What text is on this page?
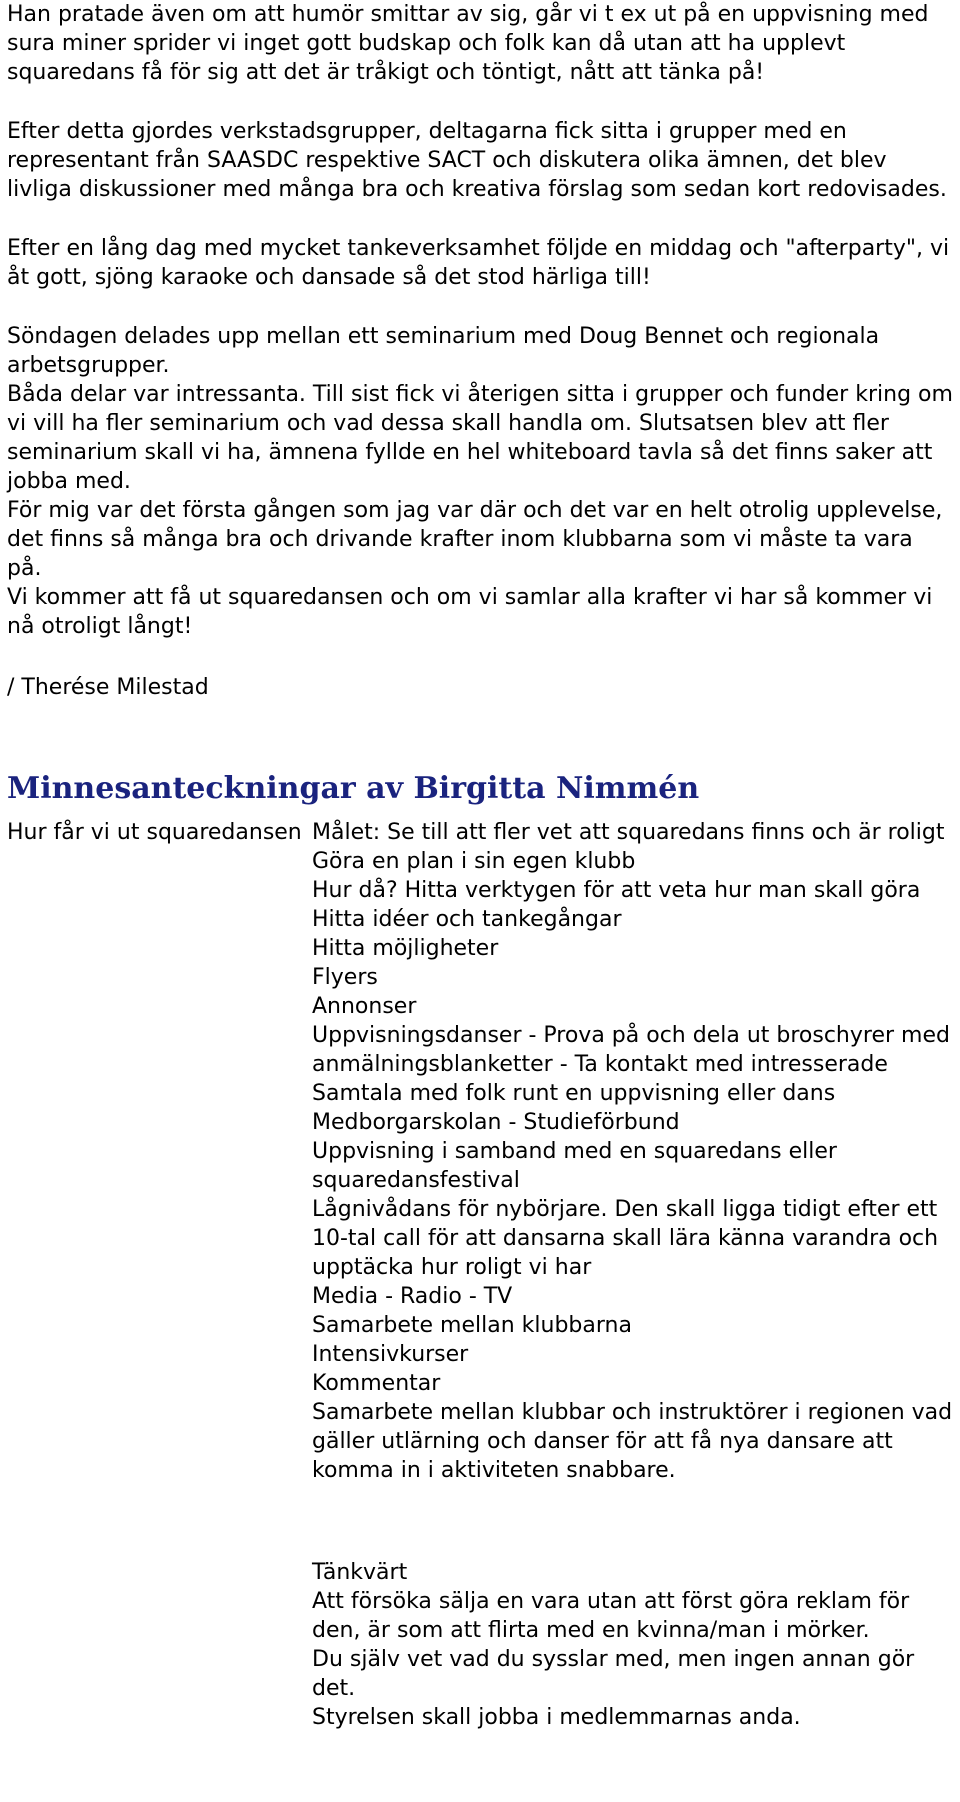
Han pratade även om att humör smittar av sig, går vi t ex ut på en uppvisning med sura miner sprider vi inget gott budskap och folk kan då utan att ha upplevt squaredans få för sig att det är tråkigt och töntigt, nått att tänka på!

Efter detta gjordes verkstadsgrupper, deltagarna fick sitta i grupper med en representant från SAASDC respektive SACT och diskutera olika ämnen, det blev livliga diskussioner med många bra och kreativa förslag som sedan kort redovisades.

Efter en lång dag med mycket tankeverksamhet följde en middag och "afterparty", vi åt gott, sjöng karaoke och dansade så det stod härliga till!

Söndagen delades upp mellan ett seminarium med Doug Bennet och regionala arbetsgrupper.
Båda delar var intressanta. Till sist fick vi återigen sitta i grupper och funder kring om vi vill ha fler seminarium och vad dessa skall handla om. Slutsatsen blev att fler seminarium skall vi ha, ämnena fyllde en hel whiteboard tavla så det finns saker att jobba med.
För mig var det första gången som jag var där och det var en helt otrolig upplevelse, det finns så många bra och drivande krafter inom klubbarna som vi måste ta vara på.
Vi kommer att få ut squaredansen och om vi samlar alla krafter vi har så kommer vi nå otroligt långt!

/ Therése Milestad

Minnesanteckningar av Birgitta Nimmén
Hur får vi ut squaredansen Målet: Se till att fler vet att squaredans finns och är roligt

Göra en plan i sin egen klubb

Hur då? Hitta verktygen för att veta hur man skall göra

Hitta idéer och tankegångar

Hitta möjligheter

Flyers

Annonser

Uppvisningsdanser - Prova på och dela ut broschyrer med anmälningsblanketter - Ta kontakt med intresserade

Samtala med folk runt en uppvisning eller dans

Medborgarskolan - Studieförbund

Uppvisning i samband med en squaredans eller squaredansfestival

Lågnivådans för nybörjare. Den skall ligga tidigt efter ett 10-tal call för att dansarna skall lära känna varandra och upptäcka hur roligt vi har

Media - Radio - TV

Samarbete mellan klubbarna

Intensivkurser

Kommentar

Samarbete mellan klubbar och instruktörer i regionen vad gäller utlärning och danser för att få nya dansare att komma in i aktiviteten snabbare.

Tänkvärt

Att försöka sälja en vara utan att först göra reklam för den, är som att flirta med en kvinna/man i mörker.

Du själv vet vad du sysslar med, men ingen annan gör det.

Styrelsen skall jobba i medlemmarnas anda.
